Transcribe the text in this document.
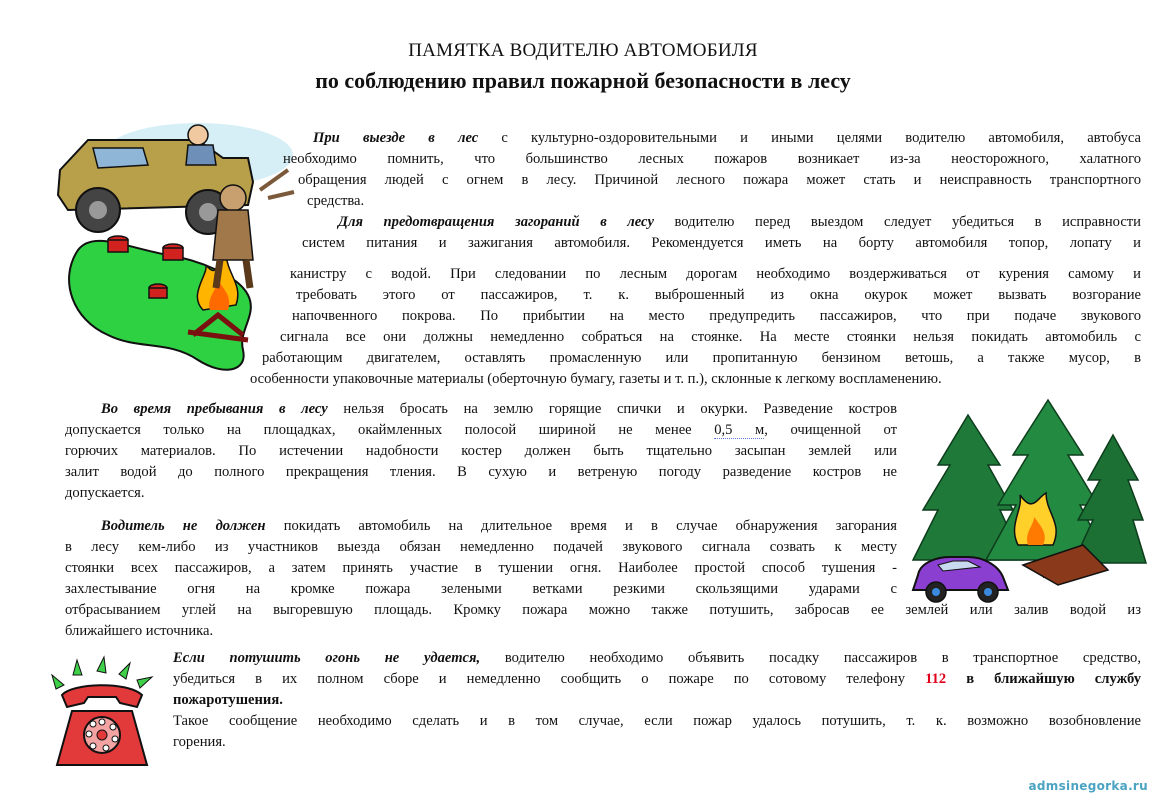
ПАМЯТКА ВОДИТЕЛЮ АВТОМОБИЛЯ
по соблюдению правил пожарной безопасности в лесу
При выезде в лес с культурно-оздоровительными и иными целями водителю автомобиля, автобуса
необходимо помнить, что большинство лесных пожаров возникает из-за неосторожного, халатного
обращения людей с огнем в лесу. Причиной лесного пожара может стать и неисправность транспортного
средства.
Для предотвращения загораний в лесу водителю перед выездом следует убедиться в исправности
систем питания и зажигания автомобиля. Рекомендуется иметь на борту автомобиля топор, лопату и
канистру с водой. При следовании по лесным дорогам необходимо воздерживаться от курения самому и
требовать этого от пассажиров, т. к. выброшенный из окна окурок может вызвать возгорание
напочвенного покрова. По прибытии на место предупредить пассажиров, что при подаче звукового
сигнала все они должны немедленно собраться на стоянке. На месте стоянки нельзя покидать автомобиль с
работающим двигателем, оставлять промасленную или пропитанную бензином ветошь, а также мусор, в
особенности упаковочные материалы (оберточную бумагу, газеты и т. п.), склонные к легкому воспламенению.
Во время пребывания в лесу нельзя бросать на землю горящие спички и окурки. Разведение костров
допускается только на площадках, окаймленных полосой шириной не менее 0,5 м, очищенной от
горючих материалов. По истечении надобности костер должен быть тщательно засыпан землей или
залит водой до полного прекращения тления. В сухую и ветреную погоду разведение костров не
допускается.
Водитель не должен покидать автомобиль на длительное время и в случае обнаружения загорания
в лесу кем-либо из участников выезда обязан немедленно подачей звукового сигнала созвать к месту
стоянки всех пассажиров, а затем принять участие в тушении огня. Наиболее простой способ тушения -
захлестывание огня на кромке пожара зелеными ветками резкими скользящими ударами с
отбрасыванием углей на выгоревшую площадь. Кромку пожара можно также потушить, забросав ее землей или залив водой из
ближайшего источника.
Если потушить огонь не удается, водителю необходимо объявить посадку пассажиров в транспортное средство,
убедиться в их полном сборе и немедленно сообщить о пожаре по сотовому телефону 112 в ближайшую службу
пожаротушения.
Такое сообщение необходимо сделать и в том случае, если пожар удалось потушить, т. к. возможно возобновление
горения.
admsinegorka.ru
